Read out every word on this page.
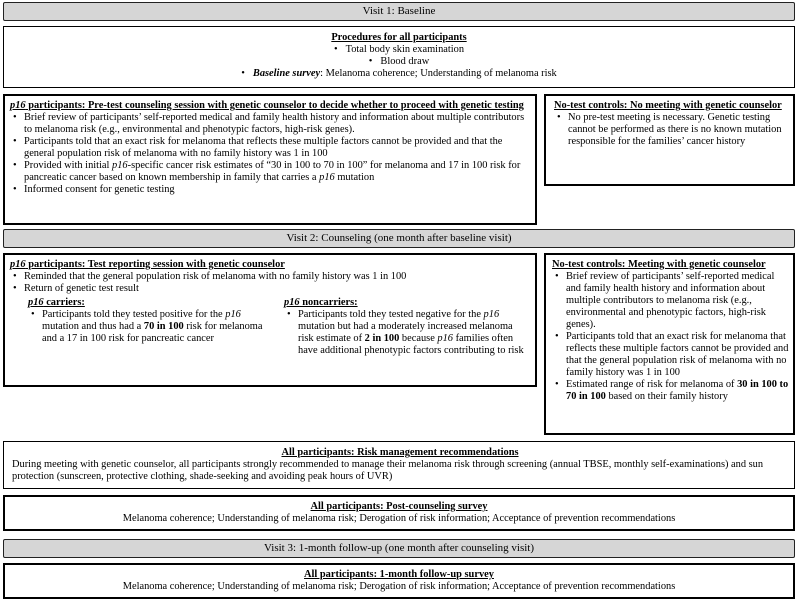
Visit 1: Baseline
Procedures for all participants
• Total body skin examination
• Blood draw
• Baseline survey: Melanoma coherence; Understanding of melanoma risk
p16 participants: Pre-test counseling session with genetic counselor to decide whether to proceed with genetic testing
• Brief review of participants’ self-reported medical and family health history and information about multiple contributors to melanoma risk (e.g., environmental and phenotypic factors, high-risk genes).
• Participants told that an exact risk for melanoma that reflects these multiple factors cannot be provided and that the general population risk of melanoma with no family history was 1 in 100
• Provided with initial p16-specific cancer risk estimates of “30 in 100 to 70 in 100” for melanoma and 17 in 100 risk for pancreatic cancer based on known membership in family that carries a p16 mutation
• Informed consent for genetic testing
No-test controls: No meeting with genetic counselor
• No pre-test meeting is necessary. Genetic testing cannot be performed as there is no known mutation responsible for the families’ cancer history
Visit 2: Counseling (one month after baseline visit)
p16 participants: Test reporting session with genetic counselor
• Reminded that the general population risk of melanoma with no family history was 1 in 100
• Return of genetic test result
p16 carriers:
• Participants told they tested positive for the p16 mutation and thus had a 70 in 100 risk for melanoma and a 17 in 100 risk for pancreatic cancer
p16 noncarriers:
• Participants told they tested negative for the p16 mutation but had a moderately increased melanoma risk estimate of 2 in 100 because p16 families often have additional phenotypic factors contributing to risk
No-test controls: Meeting with genetic counselor
• Brief review of participants’ self-reported medical and family health history and information about multiple contributors to melanoma risk (e.g., environmental and phenotypic factors, high-risk genes).
• Participants told that an exact risk for melanoma that reflects these multiple factors cannot be provided and that the general population risk of melanoma with no family history was 1 in 100
• Estimated range of risk for melanoma of 30 in 100 to 70 in 100 based on their family history
All participants: Risk management recommendations
During meeting with genetic counselor, all participants strongly recommended to manage their melanoma risk through screening (annual TBSE, monthly self-examinations) and sun protection (sunscreen, protective clothing, shade-seeking and avoiding peak hours of UVR)
All participants: Post-counseling survey
Melanoma coherence; Understanding of melanoma risk; Derogation of risk information; Acceptance of prevention recommendations
Visit 3: 1-month follow-up (one month after counseling visit)
All participants: 1-month follow-up survey
Melanoma coherence; Understanding of melanoma risk; Derogation of risk information; Acceptance of prevention recommendations
